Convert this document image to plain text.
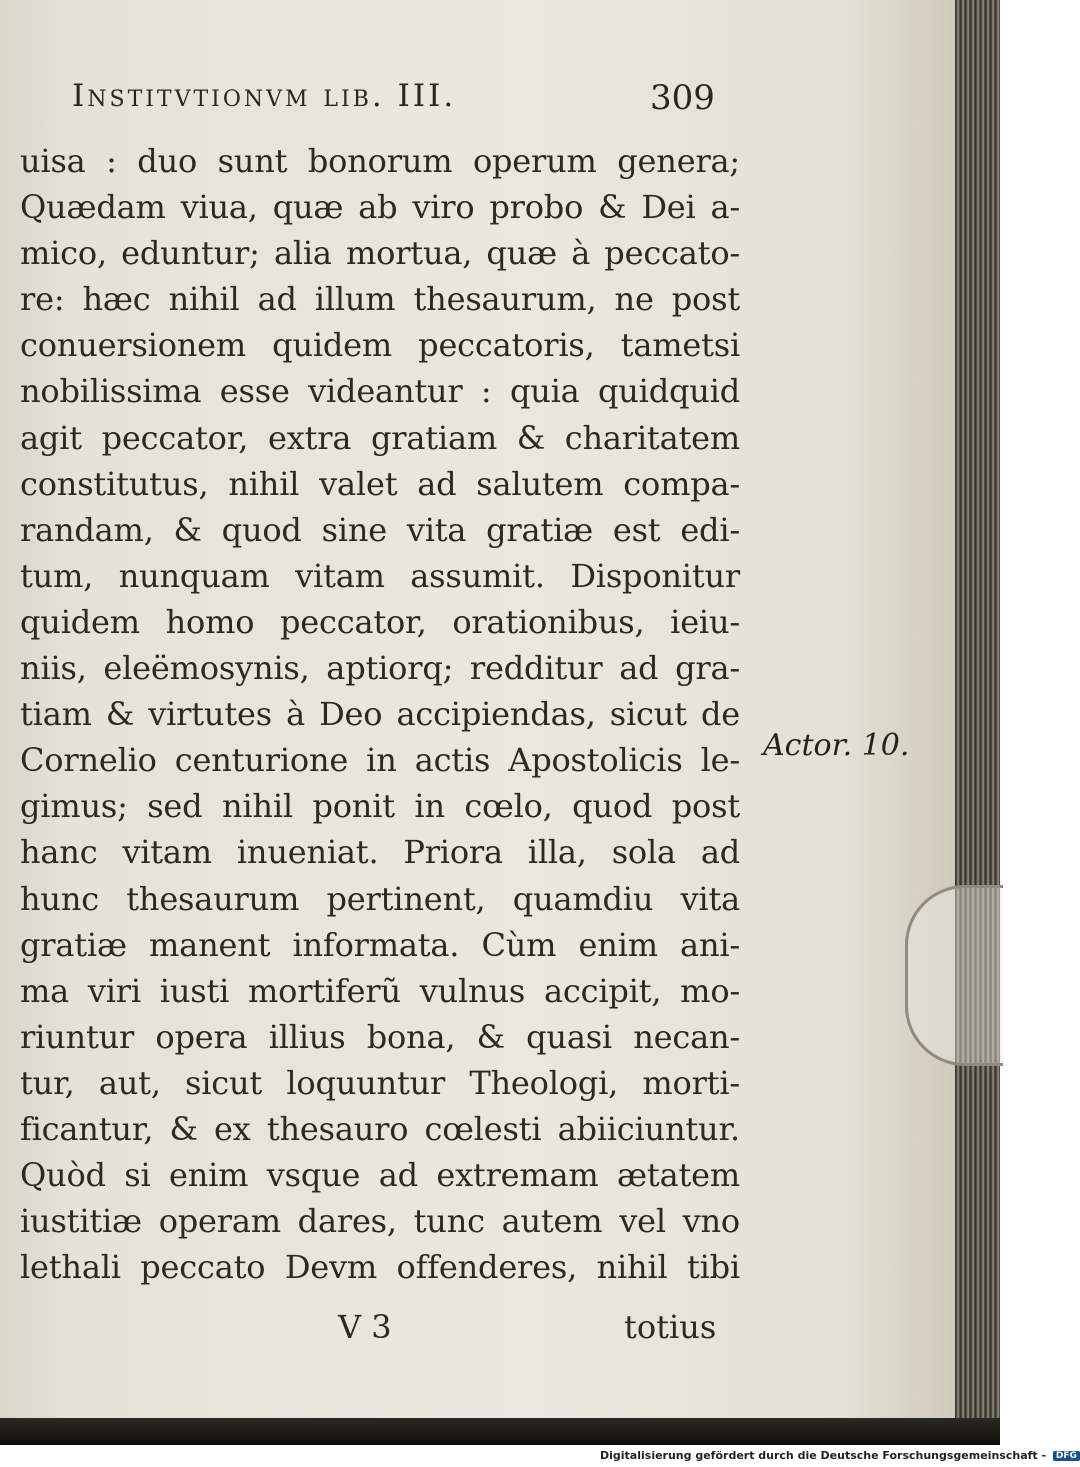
Institvtionvm lib. III.	309
uisa : duo sunt bonorum operum genera;
Quædam viua, quæ ab viro probo & Dei a-
mico, eduntur; alia mortua, quæ à peccato-
re: hæc nihil ad illum thesaurum, ne post
conuersionem quidem peccatoris, tametsi
nobilissima esse videantur : quia quidquid
agit peccator, extra gratiam & charitatem
constitutus, nihil valet ad salutem compa-
randam, & quod sine vita gratiæ est edi-
tum, nunquam vitam assumit. Disponitur
quidem homo peccator, orationibus, ieiu-
niis, eleëmosynis, aptiorq; redditur ad gra-
tiam & virtutes à Deo accipiendas, sicut de
Cornelio centurione in actis Apostolicis le-
gimus; sed nihil ponit in cœlo, quod post
hanc vitam inueniat. Priora illa, sola ad
hunc thesaurum pertinent, quamdiu vita
gratiæ manent informata. Cùm enim ani-
ma viri iusti mortiferũ vulnus accipit, mo-
riuntur opera illius bona, & quasi necan-
tur, aut, sicut loquuntur Theologi, morti-
ficantur, & ex thesauro cœlesti abiiciuntur.
Quòd si enim vsque ad extremam ætatem
iustitiæ operam dares, tunc autem vel vno
lethali peccato Devm offenderes, nihil tibi
Actor. 10.
V 3	totius
Digitalisierung gefördert durch die Deutsche Forschungsgemeinschaft - DFG
